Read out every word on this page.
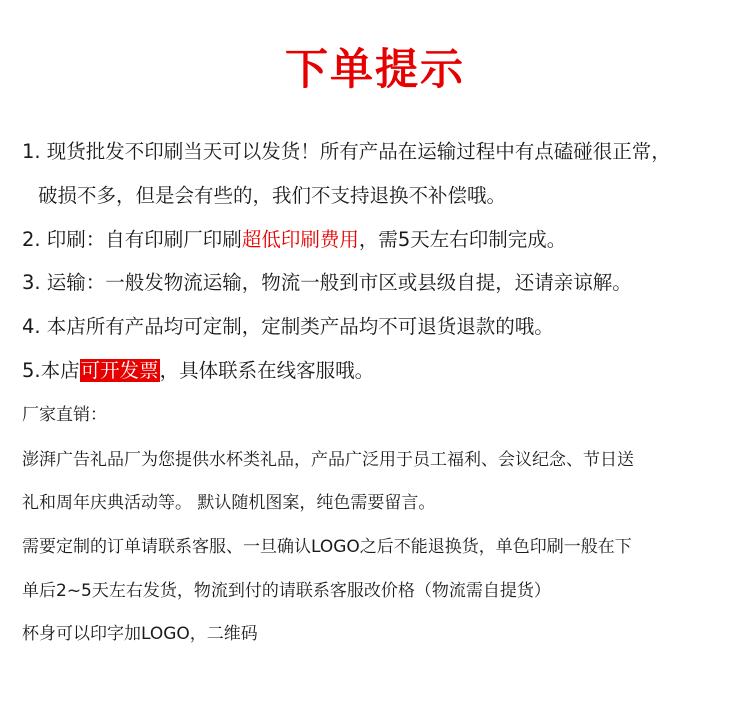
下单提示
1. 现货批发不印刷当天可以发货！所有产品在运输过程中有点磕碰很正常，
破损不多，但是会有些的，我们不支持退换不补偿哦。
2. 印刷：自有印刷厂印刷超低印刷费用，需5天左右印制完成。
3. 运输：一般发物流运输，物流一般到市区或县级自提，还请亲谅解。
4. 本店所有产品均可定制，定制类产品均不可退货退款的哦。
5.本店可开发票，具体联系在线客服哦。
厂家直销：
澎湃广告礼品厂为您提供水杯类礼品，产品广泛用于员工福利、会议纪念、节日送
礼和周年庆典活动等。 默认随机图案，纯色需要留言。
需要定制的订单请联系客服、一旦确认LOGO之后不能退换货，单色印刷一般在下
单后2~5天左右发货，物流到付的请联系客服改价格（物流需自提货）
杯身可以印字加LOGO，二维码
